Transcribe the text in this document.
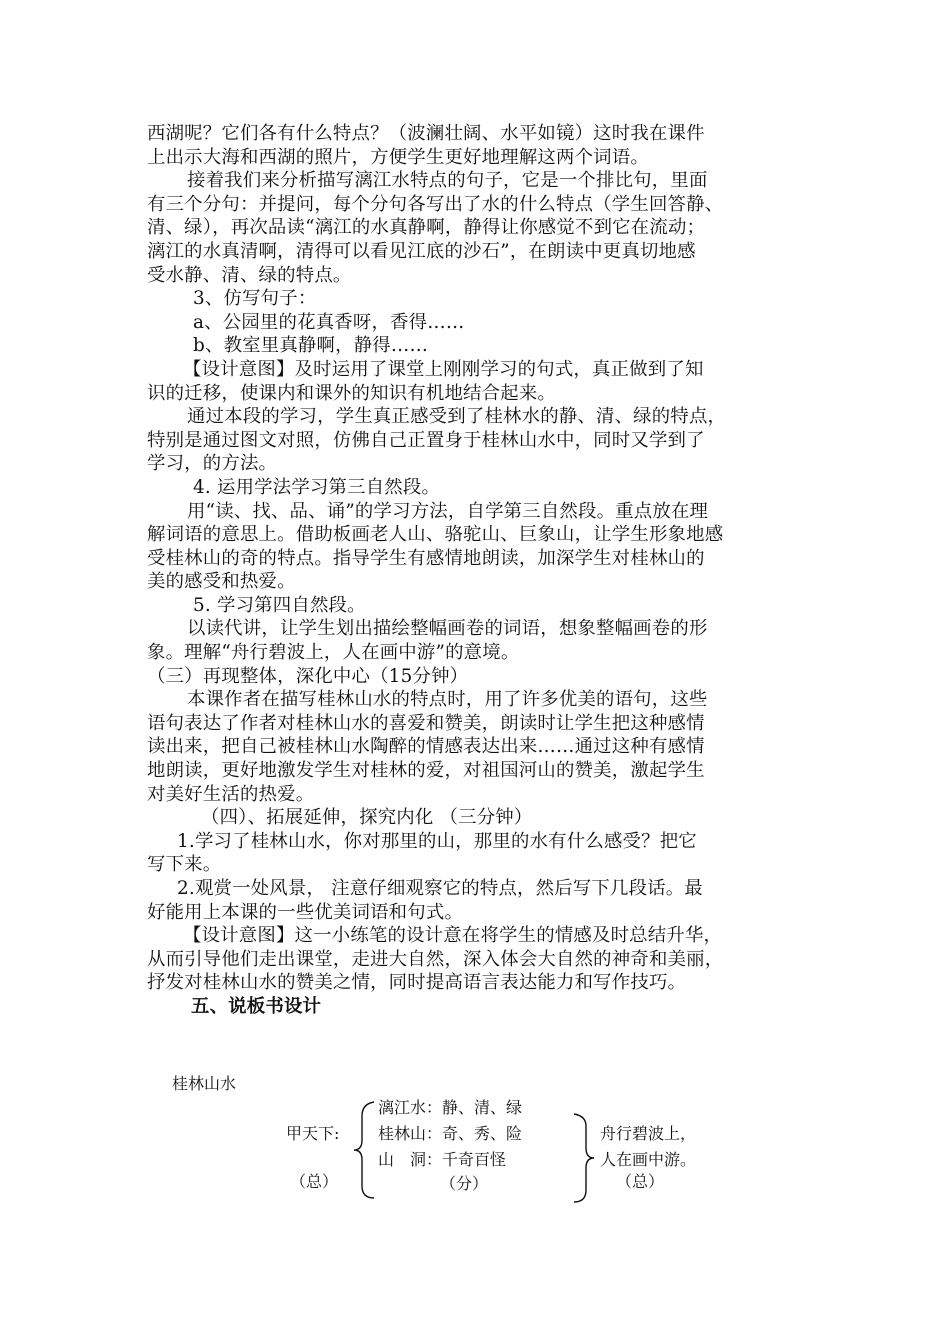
西湖呢？它们各有什么特点？（波澜壮阔、水平如镜）这时我在课件
上出示大海和西湖的照片，方便学生更好地理解这两个词语。
接着我们来分析描写漓江水特点的句子，它是一个排比句，里面
有三个分句：并提问，每个分句各写出了水的什么特点（学生回答静、
清、绿），再次品读“漓江的水真静啊，静得让你感觉不到它在流动；
漓江的水真清啊，清得可以看见江底的沙石”，在朗读中更真切地感
受水静、清、绿的特点。
3、仿写句子：
a、公园里的花真香呀，香得……
b、教室里真静啊，静得……
【设计意图】及时运用了课堂上刚刚学习的句式，真正做到了知
识的迁移，使课内和课外的知识有机地结合起来。
通过本段的学习，学生真正感受到了桂林水的静、清、绿的特点，
特别是通过图文对照，仿佛自己正置身于桂林山水中，同时又学到了
学习，的方法。
4. 运用学法学习第三自然段。
用“读、找、品、诵”的学习方法，自学第三自然段。重点放在理
解词语的意思上。借助板画老人山、骆驼山、巨象山，让学生形象地感
受桂林山的奇的特点。指导学生有感情地朗读，加深学生对桂林山的
美的感受和热爱。
5. 学习第四自然段。
以读代讲，让学生划出描绘整幅画卷的词语，想象整幅画卷的形
象。理解“舟行碧波上，人在画中游”的意境。
（三）再现整体，深化中心（15分钟）
本课作者在描写桂林山水的特点时，用了许多优美的语句，这些
语句表达了作者对桂林山水的喜爱和赞美，朗读时让学生把这种感情
读出来，把自己被桂林山水陶醉的情感表达出来……通过这种有感情
地朗读，更好地激发学生对桂林的爱，对祖国河山的赞美，激起学生
对美好生活的热爱。
（四）、拓展延伸，探究内化 （三分钟）
1.学习了桂林山水，你对那里的山，那里的水有什么感受？把它
写下来。
2.观赏一处风景， 注意仔细观察它的特点，然后写下几段话。最
好能用上本课的一些优美词语和句式。
【设计意图】这一小练笔的设计意在将学生的情感及时总结升华，
从而引导他们走出课堂，走进大自然，深入体会大自然的神奇和美丽，
抒发对桂林山水的赞美之情，同时提高语言表达能力和写作技巧。
五、说板书设计
桂林山水
甲天下:
（总）
漓江水：静、清、绿
桂林山：奇、秀、险
山　洞：千奇百怪
（分）
舟行碧波上，
人在画中游。
（总）
